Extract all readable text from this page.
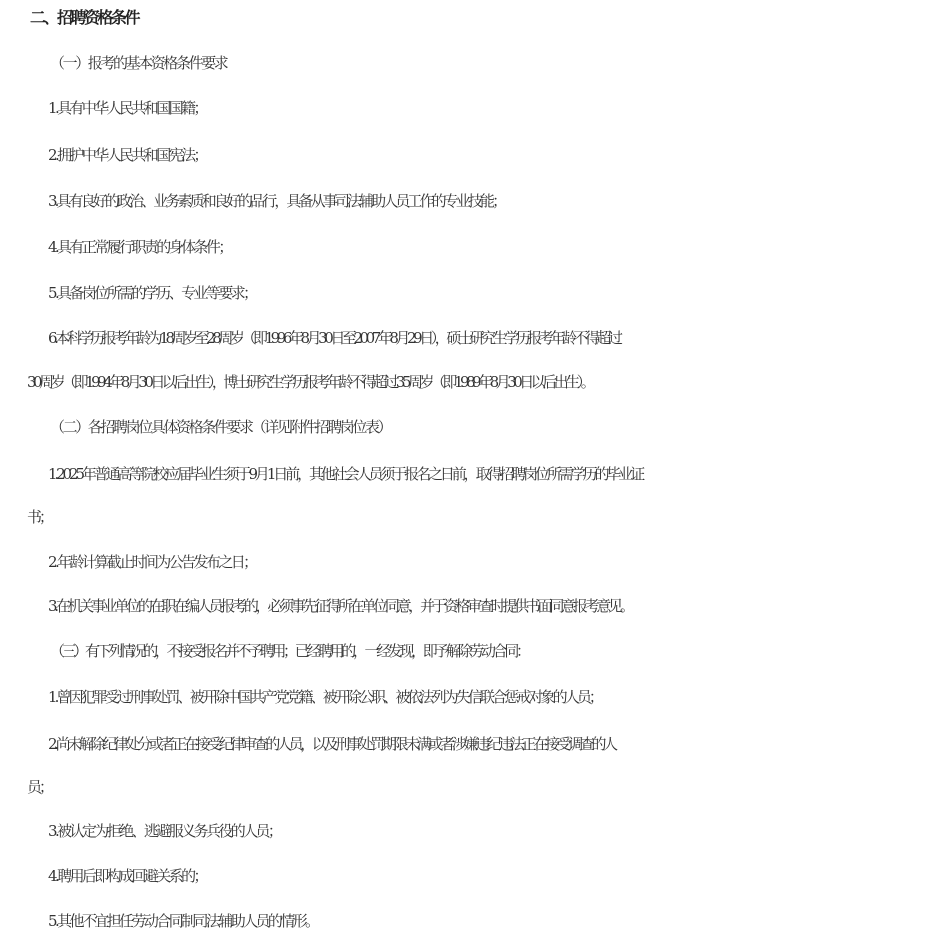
二、招聘资格条件
（一）报考的基本资格条件要求
1.具有中华人民共和国国籍；
2.拥护中华人民共和国宪法；
3.具有良好的政治、业务素质和良好的品行，具备从事司法辅助人员工作的专业技能；
4.具有正常履行职责的身体条件；
5.具备岗位所需的学历、专业等要求；
6.本科学历报考年龄为18周岁至28周岁（即1996年8月30日至2007年8月29日），硕士研究生学历报考年龄不得超过
30周岁（即1994年8月30日以后出生），博士研究生学历报考年龄不得超过35周岁（即1989年8月30日以后出生）。
（二）各招聘岗位具体资格条件要求（详见附件招聘岗位表）
1.2025年普通高等院校应届毕业生须于9月1日前，其他社会人员须于报名之日前，取得招聘岗位所需学历的毕业证
书；
2.年龄计算截止时间为公告发布之日；
3.在机关事业单位的在职在编人员报考的，必须事先征得所在单位同意，并于资格审查时提供书面同意报考意见。
（三）有下列情况的，不接受报名并不予聘用；已经聘用的，一经发现，即予解除劳动合同：
1.曾因犯罪受过刑事处罚、被开除中国共产党党籍、被开除公职、被依法列为失信联合惩戒对象的人员；
2.尚未解除纪律处分或者正在接受纪律审查的人员，以及刑事处罚期限未满或者涉嫌违纪违法正在接受调查的人
员；
3.被认定为拒绝、逃避服义务兵役的人员；
4.聘用后即构成回避关系的；
5.其他不宜担任劳动合同制司法辅助人员的情形。
